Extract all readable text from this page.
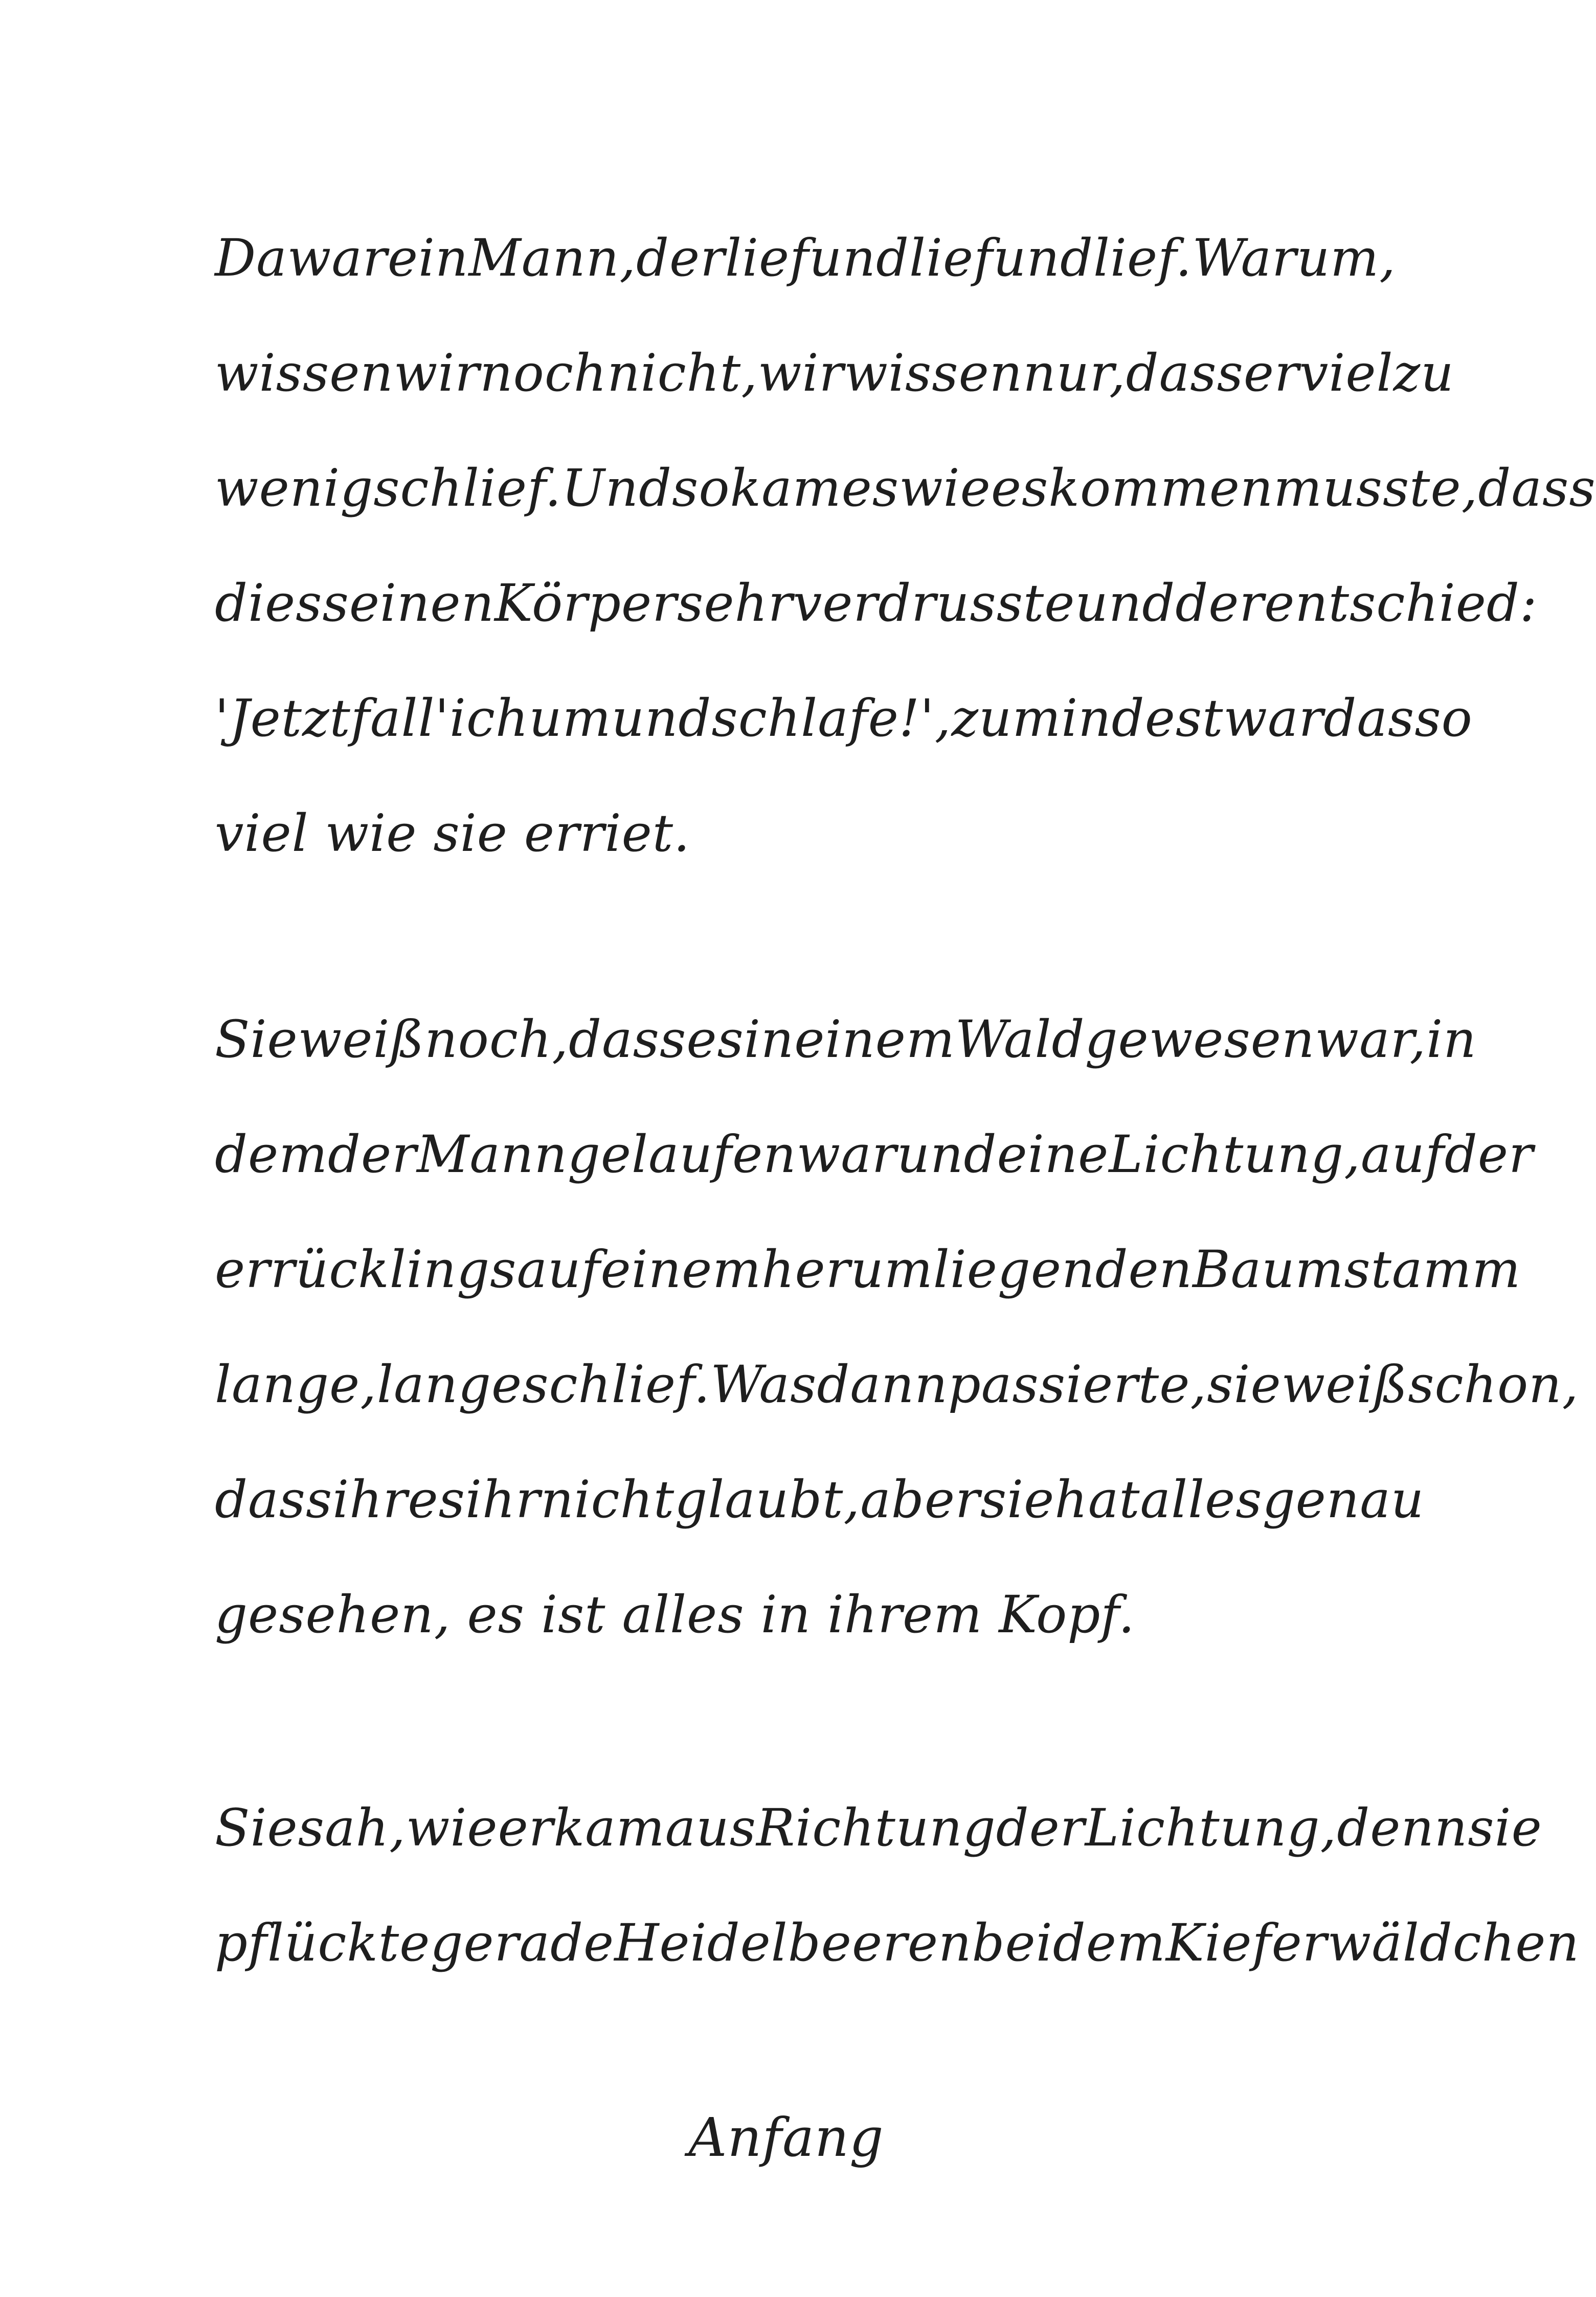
Da war ein Mann, der lief und lief und lief. Warum,
wissen wir noch nicht, wir wissen nur, dass er viel zu
wenig schlief. Und so kam es wie es kommen musste, dass
dies seinen Körper sehr verdrusste und der entschied:
'Jetzt fall' ich um und schlafe!', zumindest war das so
viel wie sie erriet.
Sie weiß noch, dass es in einem Wald gewesen war, in
dem der Mann gelaufen war und eine Lichtung, auf der
er rücklings auf einem herumliegenden Baumstamm
lange, lange schlief. Was dann passierte, sie weiß schon,
dass ihr es ihr nicht glaubt, aber sie hat alles genau
gesehen, es ist alles in ihrem Kopf.
Sie sah, wie er kam aus Richtung der Lichtung, denn sie
pflückte gerade Heidelbeeren bei dem Kieferwäldchen
Anfang
